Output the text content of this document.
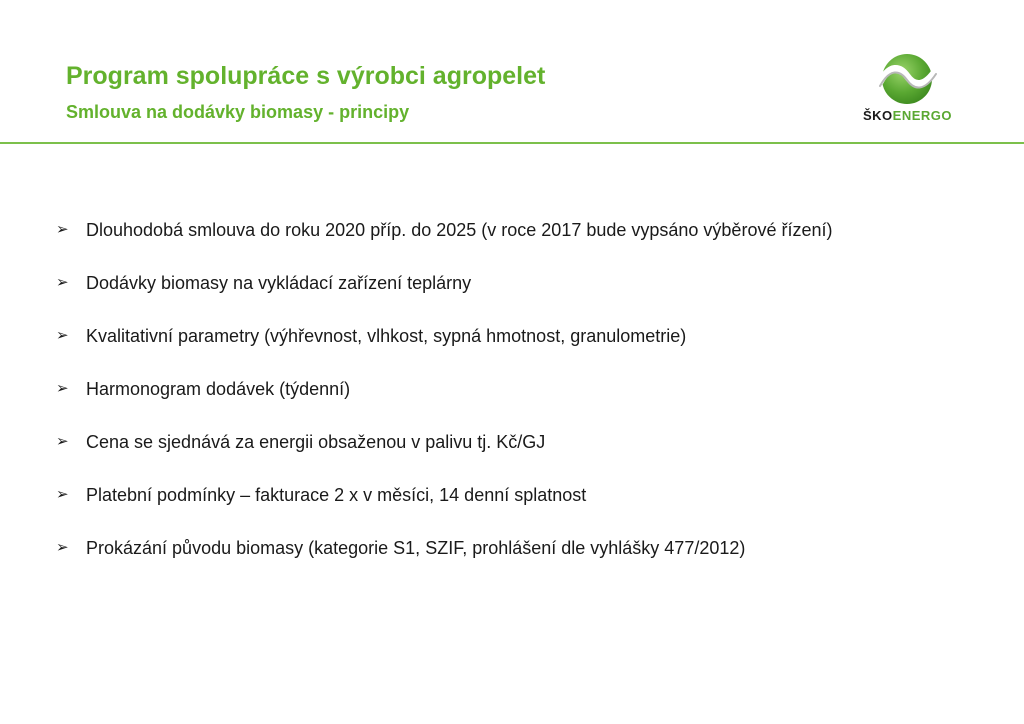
Program spolupráce s výrobci agropelet
Smlouva na dodávky biomasy - principy	ŠKOENERGO
➢ Dlouhodobá smlouva do roku 2020 příp. do 2025 (v roce 2017 bude vypsáno výběrové řízení)
➢ Dodávky biomasy na vykládací zařízení teplárny
➢ Kvalitativní parametry (výhřevnost, vlhkost, sypná hmotnost, granulometrie)
➢ Harmonogram dodávek (týdenní)
➢ Cena se sjednává za energii obsaženou v palivu tj. Kč/GJ
➢ Platební podmínky – fakturace 2 x v měsíci, 14 denní splatnost
➢ Prokázání původu biomasy (kategorie S1, SZIF, prohlášení dle vyhlášky 477/2012)
